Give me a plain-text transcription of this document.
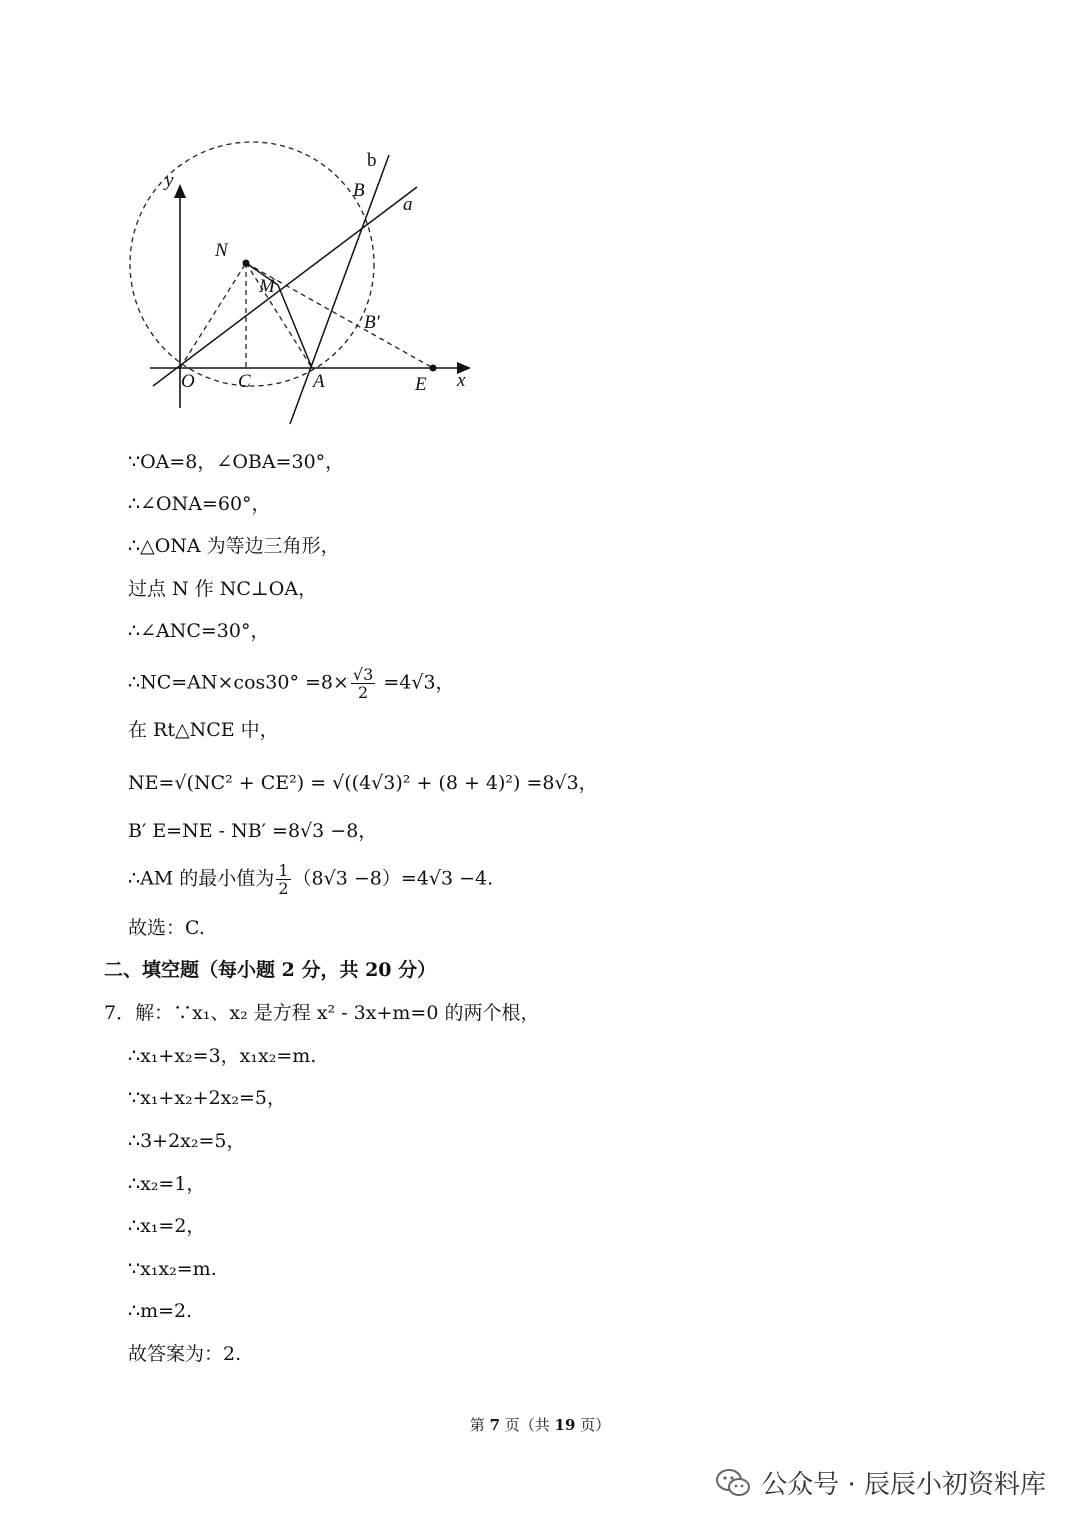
y
x
b
a
B
N
M
B′
O C	A	E
∵OA=8，∠OBA=30°，
∴∠ONA=60°，
∴△ONA 为等边三角形，
过点 N 作 NC⊥OA，
∴∠ANC=30°，
∴NC=AN×cos30° $=8\times \frac{√3}{2} =4√3$，
在 Rt△NCE 中，
NE=√(NC² + CE²) = √((4√3)² + (8 + 4)²) =8√3，
B′ E=NE - NB′ =8√3 −8，
∴AM 的最小值为 $\frac{1}{2} (8√3 -8)=4√3 -4$.
故选：C.
二、填空题（每小题 2 分，共 20 分）
7．解：∵x₁、x₂ 是方程 x² - 3x+m=0 的两个根，
∴x₁+x₂=3，x₁x₂=m.
∵x₁+x₂+2x₂=5，
∴3+2x₂=5，
∴x₂=1，
∴x₁=2，
∵x₁x₂=m.
∴m=2.
故答案为：2.
第 7 页（共 19 页）
公众号 · 辰辰小初资料库
